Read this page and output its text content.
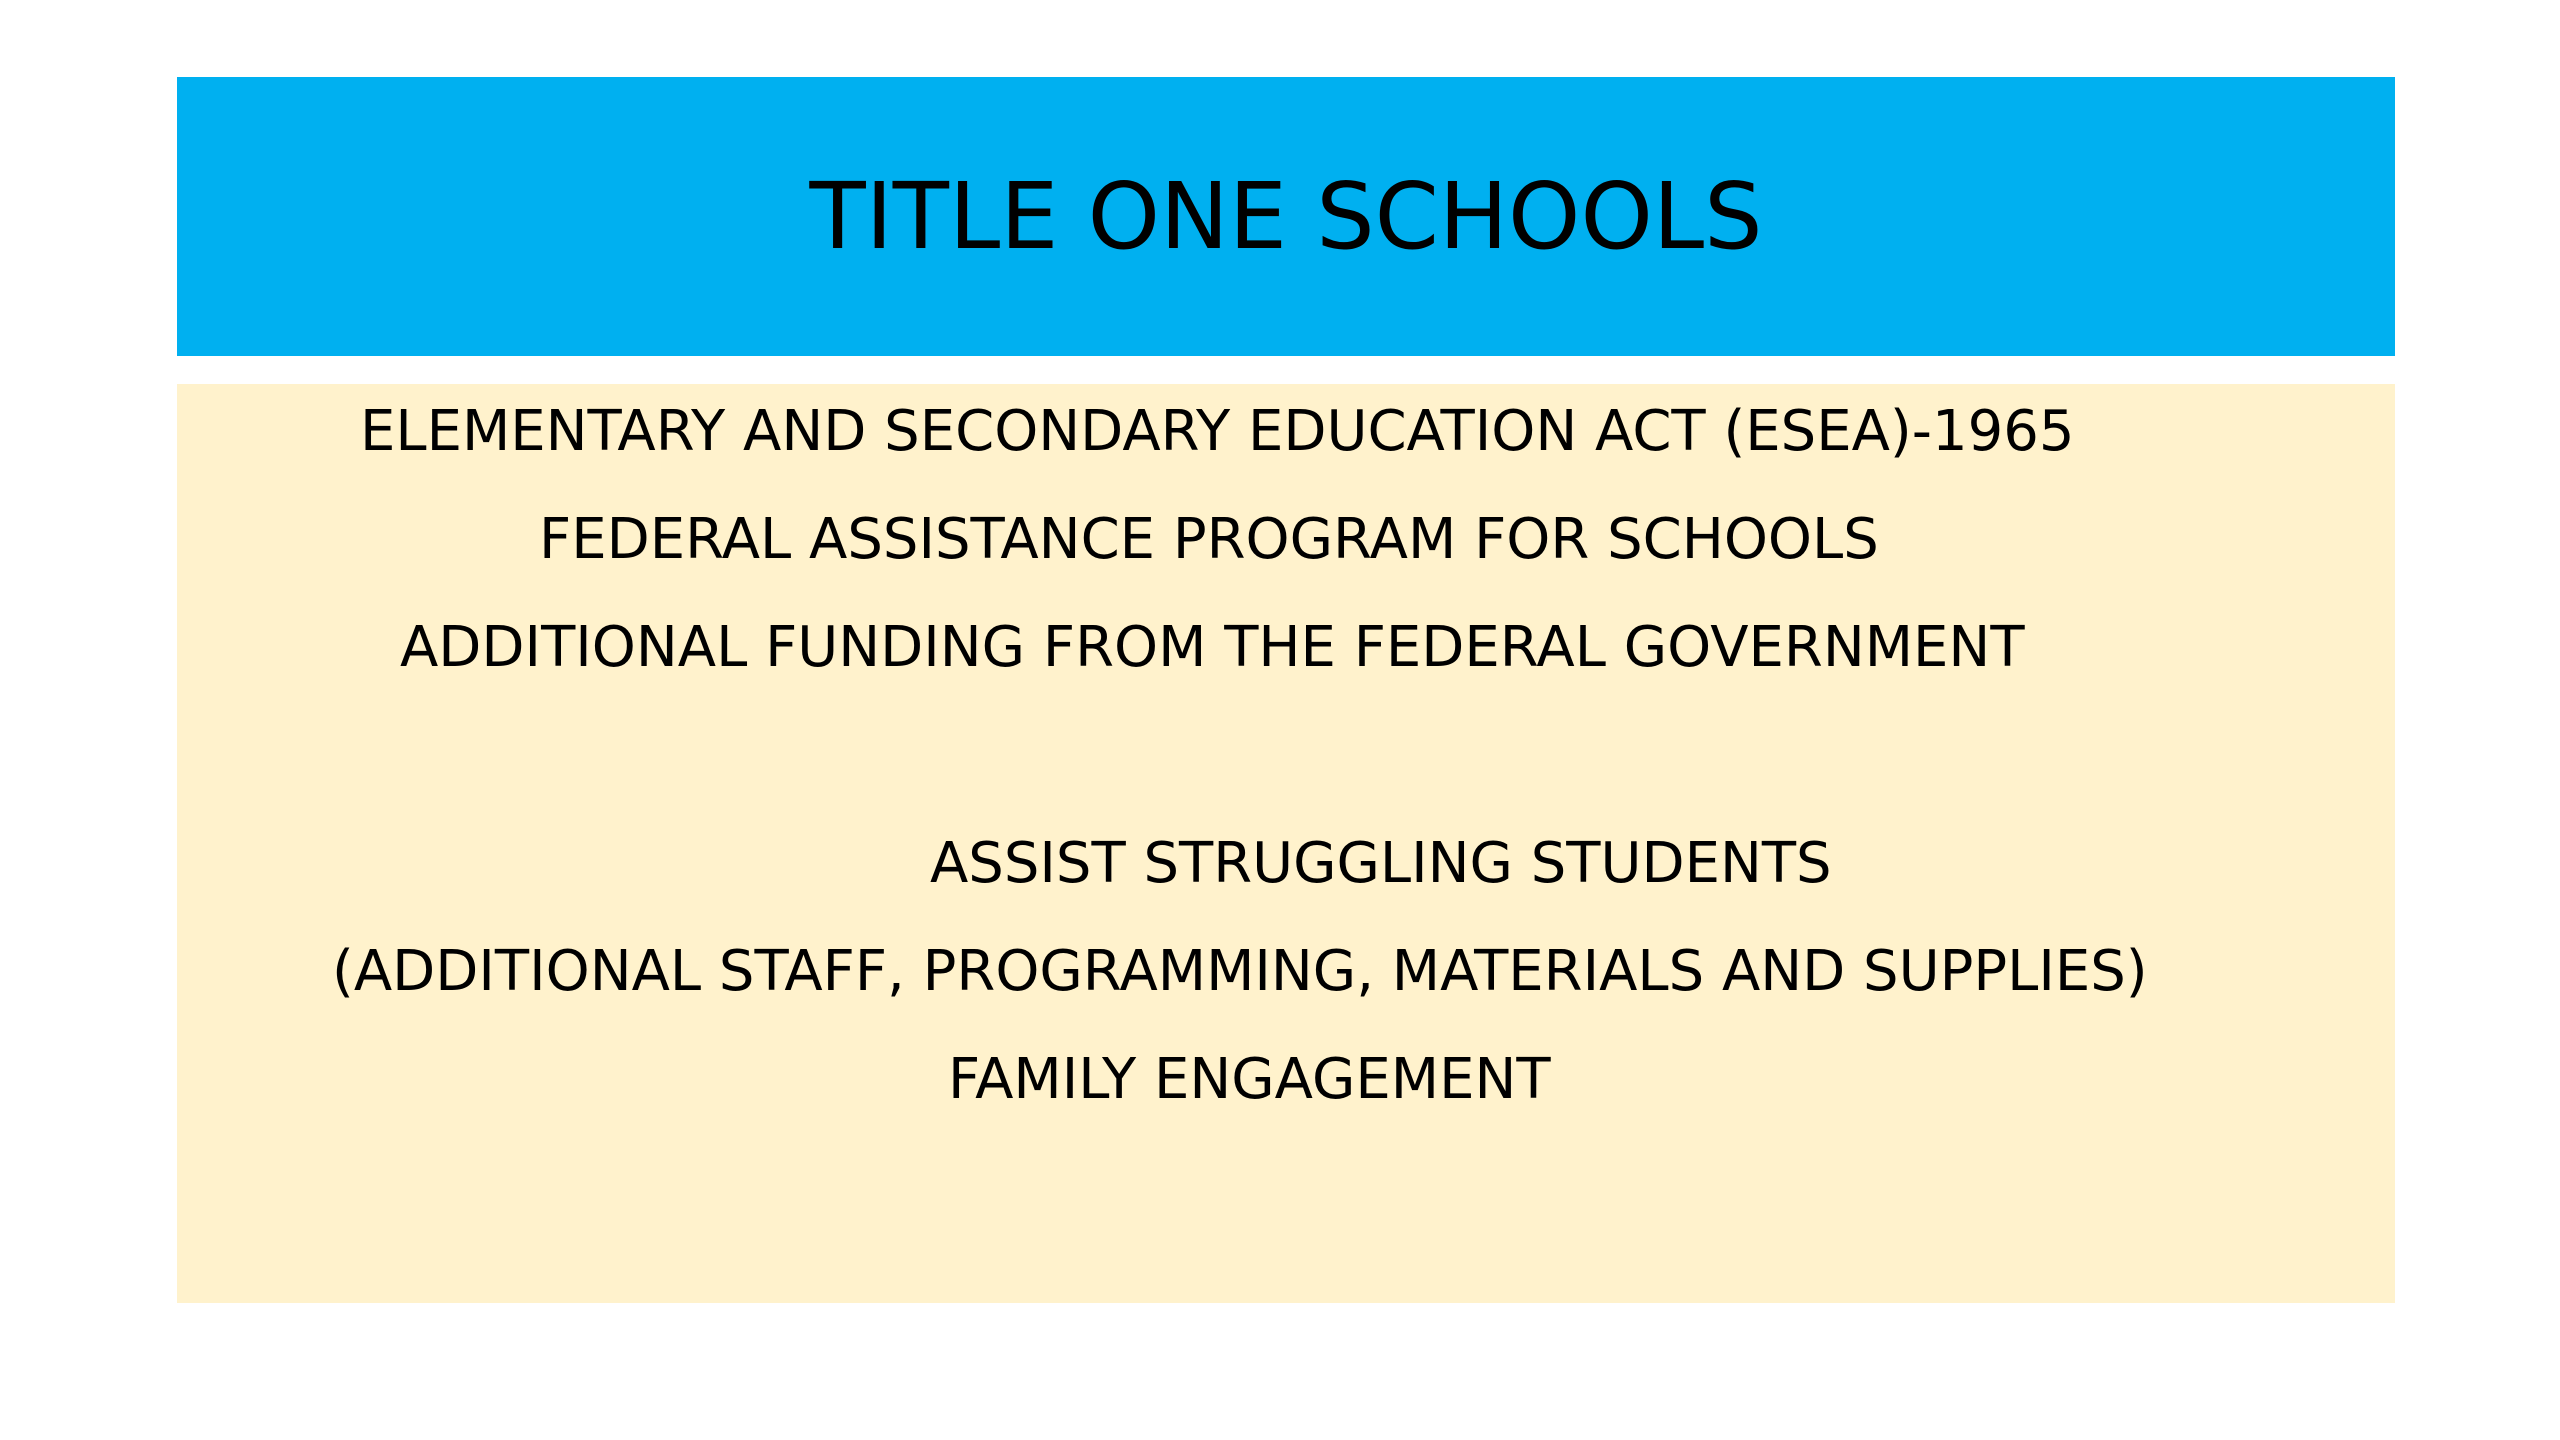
TITLE ONE SCHOOLS
ELEMENTARY AND SECONDARY EDUCATION ACT (ESEA)-1965
FEDERAL ASSISTANCE PROGRAM FOR SCHOOLS
ADDITIONAL FUNDING FROM THE FEDERAL GOVERNMENT
ASSIST STRUGGLING STUDENTS
(ADDITIONAL STAFF, PROGRAMMING, MATERIALS AND SUPPLIES)
FAMILY ENGAGEMENT
